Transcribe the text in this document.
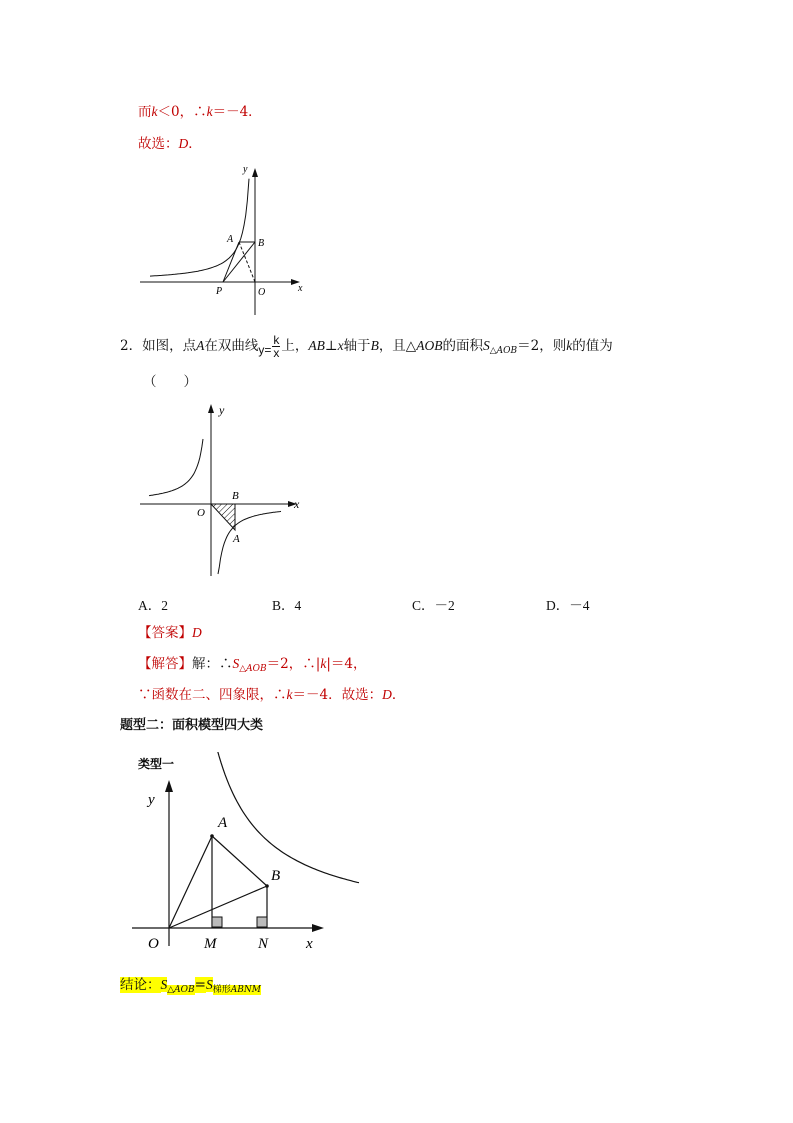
而k＜0，∴k＝－4．
故选：D．
y
x
A B
P	O
2．如图，点A在双曲线$y= \frac{k}{x}$ 上，AB⊥x轴于B，且△AOB的面积$S_{\triangle AOB}=2$，则k的值为
（　　）
y
x
B
O
A
A．2	B．4	C．－2	D．－4
【答案】D
【解答】解：$\therefore S_{\triangle AOB}=2$，∴|k|＝4，
∵函数在二、四象限，∴k＝－4．故选：D．
题型二：面积模型四大类
类型一
y
x
A
B
O	M	N
结论：$S_{\triangle AOB}=S_{梯形ABNM}$
